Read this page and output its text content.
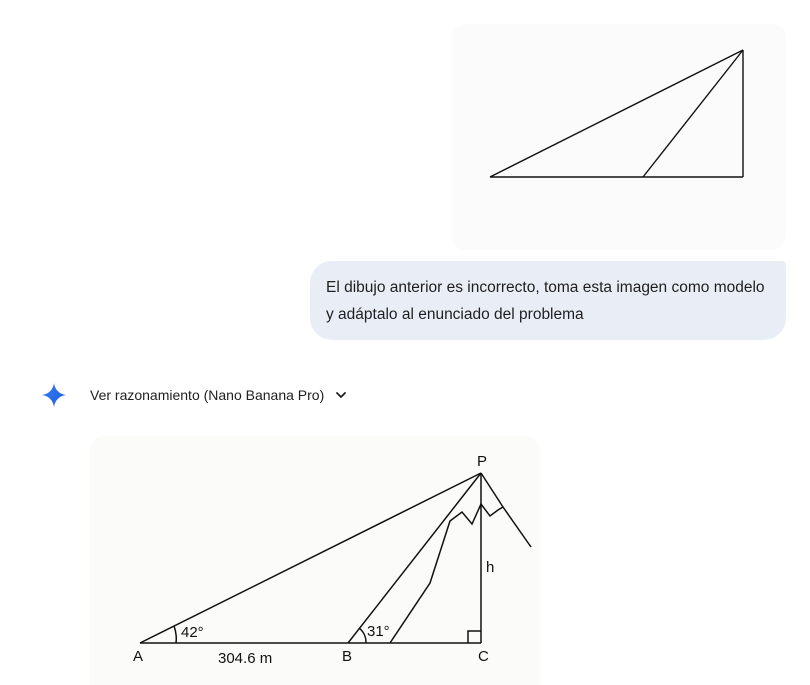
El dibujo anterior es incorrecto, toma esta imagen como modelo y adáptalo al enunciado del problema
Ver razonamiento (Nano Banana Pro)
P
A	B	C
h
42°	31°
304.6 m
